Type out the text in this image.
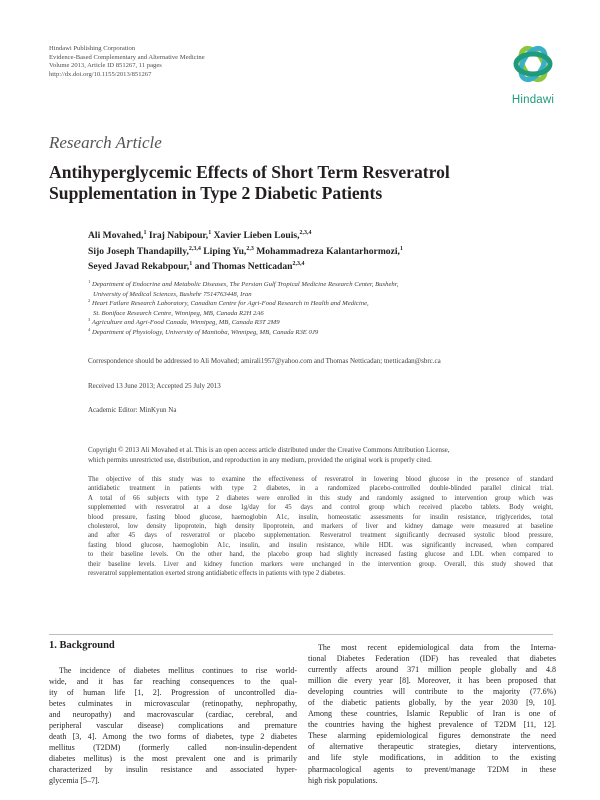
Hindawi Publishing Corporation
Evidence-Based Complementary and Alternative Medicine
Volume 2013, Article ID 851267, 11 pages
http://dx.doi.org/10.1155/2013/851267
Hindawi
Research Article
Antihyperglycemic Effects of Short Term Resveratrol
Supplementation in Type 2 Diabetic Patients
Ali Movahed,$^1$ Iraj Nabipour,$^1$ Xavier Lieben Louis,$^{2,3,4}$
Sijo Joseph Thandapilly,$^{2,3,4}$ Liping Yu,$^{2,3}$ Mohammadreza Kalantarhormozi,$^1$
Seyed Javad Rekabpour,$^1$ and Thomas Netticadan$^{2,3,4}$
$^1$ Department of Endocrine and Metabolic Diseases, The Persian Gulf Tropical Medicine Research Center, Bushehr,
University of Medical Sciences, Bushehr 7514763448, Iran
$^2$ Heart Failure Research Laboratory, Canadian Centre for Agri-Food Research in Health and Medicine,
St. Boniface Research Centre, Winnipeg, MB, Canada R2H 2A6
$^3$ Agriculture and Agri-Food Canada, Winnipeg, MB, Canada R3T 2M9
$^4$ Department of Physiology, University of Manitoba, Winnipeg, MB, Canada R3E 0J9
Correspondence should be addressed to Ali Movahed; amirali1957@yahoo.com and Thomas Netticadan; tnetticadan@sbrc.ca
Received 13 June 2013; Accepted 25 July 2013
Academic Editor: MinKyun Na
Copyright © 2013 Ali Movahed et al. This is an open access article distributed under the Creative Commons Attribution License,
which permits unrestricted use, distribution, and reproduction in any medium, provided the original work is properly cited.
The objective of this study was to examine the effectiveness of resveratrol in lowering blood glucose in the presence of standard
antidiabetic treatment in patients with type 2 diabetes, in a randomized placebo-controlled double-blinded parallel clinical trial.
A total of 66 subjects with type 2 diabetes were enrolled in this study and randomly assigned to intervention group which was
supplemented with resveratrol at a dose 1g/day for 45 days and control group which received placebo tablets. Body weight,
blood pressure, fasting blood glucose, haemoglobin A1c, insulin, homeostatic assessments for insulin resistance, triglycerides, total
cholesterol, low density lipoprotein, high density lipoprotein, and markers of liver and kidney damage were measured at baseline
and after 45 days of resveratrol or placebo supplementation. Resveratrol treatment significantly decreased systolic blood pressure,
fasting blood glucose, haemoglobin A1c, insulin, and insulin resistance, while HDL was significantly increased, when compared
to their baseline levels. On the other hand, the placebo group had slightly increased fasting glucose and LDL when compared to
their baseline levels. Liver and kidney function markers were unchanged in the intervention group. Overall, this study showed that
resveratrol supplementation exerted strong antidiabetic effects in patients with type 2 diabetes.
1. Background
The incidence of diabetes mellitus continues to rise world-
wide, and it has far reaching consequences to the qual-
ity of human life [1, 2]. Progression of uncontrolled dia-
betes culminates in microvascular (retinopathy, nephropathy,
and neuropathy) and macrovascular (cardiac, cerebral, and
peripheral vascular disease) complications and premature
death [3, 4]. Among the two forms of diabetes, type 2 diabetes
mellitus (T2DM) (formerly called non-insulin-dependent
diabetes mellitus) is the most prevalent one and is primarily
characterized by insulin resistance and associated hyper-
glycemia [5–7].
The most recent epidemiological data from the Interna-
tional Diabetes Federation (IDF) has revealed that diabetes
currently affects around 371 million people globally and 4.8
million die every year [8]. Moreover, it has been proposed that
developing countries will contribute to the majority (77.6%)
of the diabetic patients globally, by the year 2030 [9, 10].
Among these countries, Islamic Republic of Iran is one of
the countries having the highest prevalence of T2DM [11, 12].
These alarming epidemiological figures demonstrate the need
of alternative therapeutic strategies, dietary interventions,
and life style modifications, in addition to the existing
pharmacological agents to prevent/manage T2DM in these
high risk populations.
